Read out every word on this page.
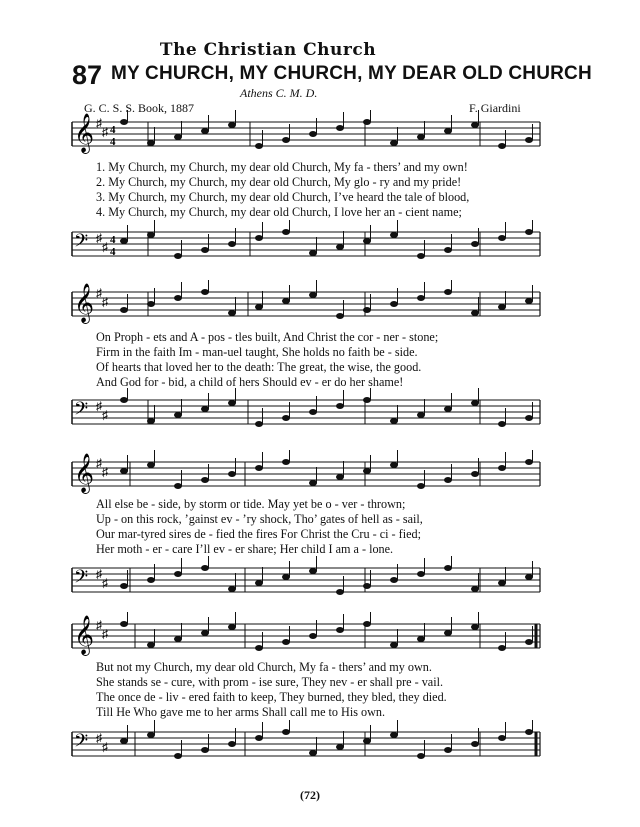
The Christian Church
87 MY CHURCH, MY CHURCH, MY DEAR OLD CHURCH
Athens C. M. D.
G. C. S. S. Book, 1887	F. Giardini
𝄞 ♯
♯ 4
4
1. My Church, my Church, my dear old Church, My fa - thers’ and my own!
2. My Church, my Church, my dear old Church, My glo - ry and my pride!
3. My Church, my Church, my dear old Church, I’ve heard the tale of blood,
4. My Church, my Church, my dear old Church, I love her an - cient name;
𝄢 ♯
♯ 4
4
𝄞 ♯
♯
On Proph - ets and A - pos - tles built, And Christ the cor - ner - stone;
Firm in the faith Im - man-uel taught, She holds no faith be - side.
Of hearts that loved her to the death: The great, the wise, the good.
And God for - bid, a child of hers Should ev - er do her shame!
𝄢 ♯
♯
𝄞 ♯
♯
All else be - side, by storm or tide. May yet be o - ver - thrown;
Up - on this rock, ’gainst ev - ’ry shock, Tho’ gates of hell as - sail,
Our mar-tyred sires de - fied the fires For Christ the Cru - ci - fied;
Her moth - er - care I’ll ev - er share; Her child I am a - lone.
𝄢 ♯
♯
𝄞 ♯
♯
But not my Church, my dear old Church, My fa - thers’ and my own.
She stands se - cure, with prom - ise sure, They nev - er shall pre - vail.
The once de - liv - ered faith to keep, They burned, they bled, they died.
Till He Who gave me to her arms Shall call me to His own.
𝄢 ♯
♯
(72)
